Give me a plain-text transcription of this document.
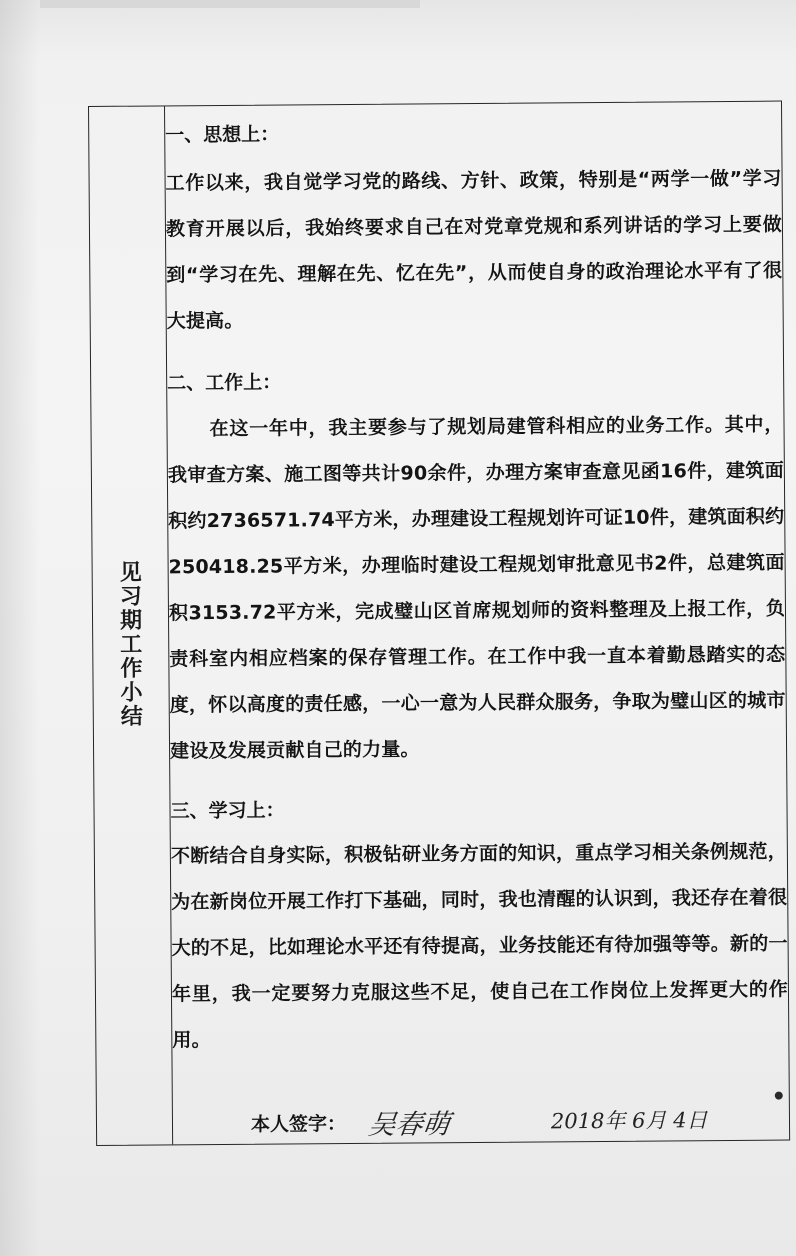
见习期工作小结
一、思想上：
工作以来，我自觉学习党的路线、方针、政策，特别是“两学一做”学习教育开展以后，我始终要求自己在对党章党规和系列讲话的学习上要做到“学习在先、理解在先、忆在先”，从而使自身的政治理论水平有了很大提高。
二、工作上：
在这一年中，我主要参与了规划局建管科相应的业务工作。其中，我审查方案、施工图等共计90余件，办理方案审查意见函16件，建筑面积约2736571.74平方米，办理建设工程规划许可证10件，建筑面积约250418.25平方米，办理临时建设工程规划审批意见书2件，总建筑面积3153.72平方米，完成璧山区首席规划师的资料整理及上报工作，负责科室内相应档案的保存管理工作。在工作中我一直本着勤恳踏实的态度，怀以高度的责任感，一心一意为人民群众服务，争取为璧山区的城市建设及发展贡献自己的力量。
三、学习上：
不断结合自身实际，积极钻研业务方面的知识，重点学习相关条例规范，为在新岗位开展工作打下基础，同时，我也清醒的认识到，我还存在着很大的不足，比如理论水平还有待提高，业务技能还有待加强等等。新的一年里，我一定要努力克服这些不足，使自己在工作岗位上发挥更大的作用。
本人签字： 吴春萌	2018年 6月 4日
